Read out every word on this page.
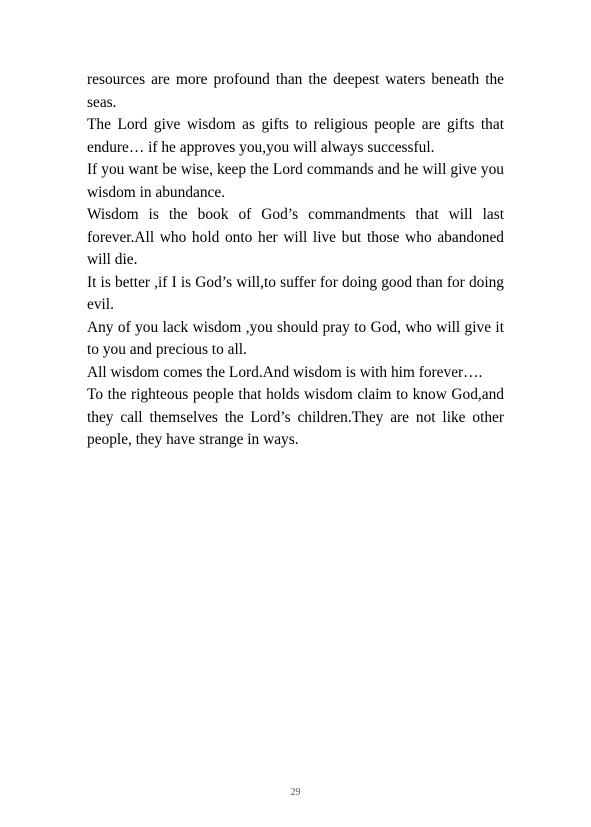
resources are more profound than the deepest waters beneath the seas.

The Lord give wisdom as gifts to religious people are gifts that endure… if he approves you,you will always successful.

If you want be wise, keep the Lord commands and he will give you wisdom in abundance.

Wisdom is the book of God’s commandments that will last forever.All who hold onto her will live but those who abandoned will die.

It is better ,if I is God’s will,to suffer for doing good than for doing evil.

Any of you lack wisdom ,you should pray to God, who will give it to you and precious to all.

All wisdom comes the Lord.And wisdom is with him forever….

To the righteous people that holds wisdom claim to know God,and they call themselves the Lord’s children.They are not like other people, they have strange in ways.

29
